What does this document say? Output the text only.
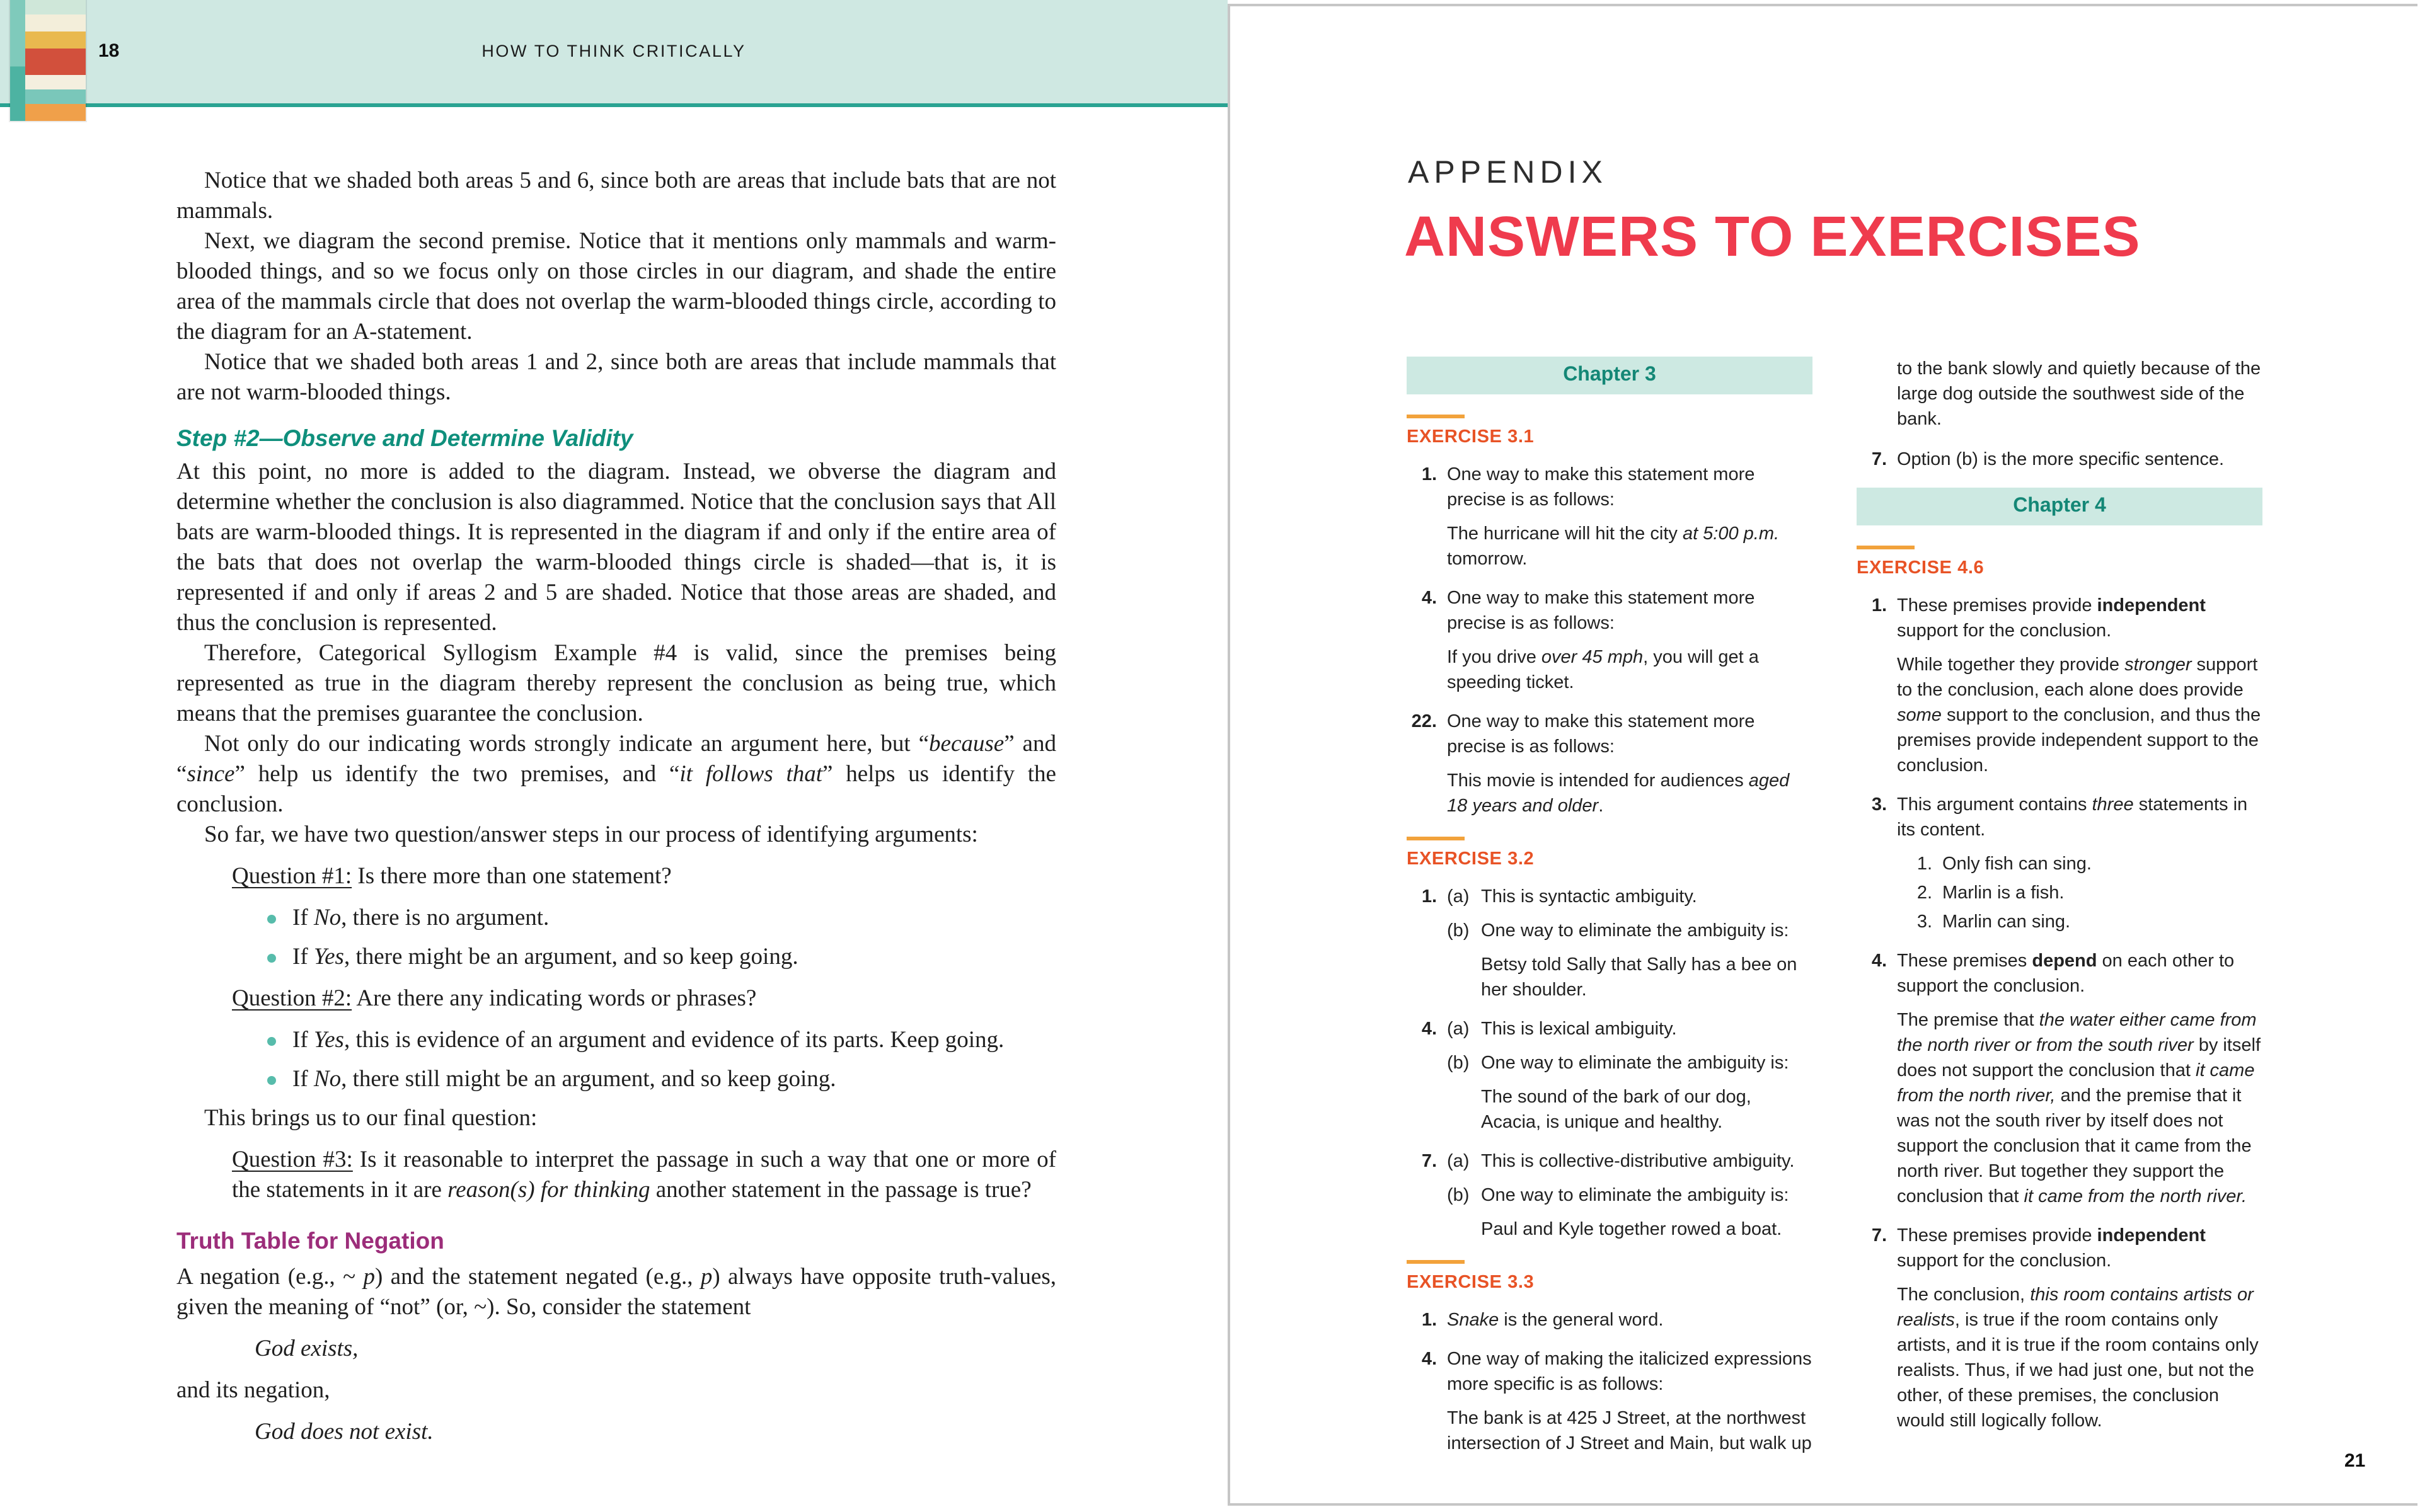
18	HOW TO THINK CRITICALLY

Notice that we shaded both areas 5 and 6, since both are areas that include bats that are not mammals.

Next, we diagram the second premise. Notice that it mentions only mammals and warm-blooded things, and so we focus only on those circles in our diagram, and shade the entire area of the mammals circle that does not overlap the warm-blooded things circle, according to the diagram for an A-statement.

Notice that we shaded both areas 1 and 2, since both are areas that include mammals that are not warm-blooded things.

Step #2—Observe and Determine Validity

At this point, no more is added to the diagram. Instead, we obverse the diagram and determine whether the conclusion is also diagrammed. Notice that the conclusion says that All bats are warm-blooded things. It is represented in the diagram if and only if the entire area of the bats that does not overlap the warm-blooded things circle is shaded—that is, it is represented if and only if areas 2 and 5 are shaded. Notice that those areas are shaded, and thus the conclusion is represented.

Therefore, Categorical Syllogism Example #4 is valid, since the premises being represented as true in the diagram thereby represent the conclusion as being true, which means that the premises guarantee the conclusion.

Not only do our indicating words strongly indicate an argument here, but “because” and “since” help us identify the two premises, and “it follows that” helps us identify the conclusion.

So far, we have two question/answer steps in our process of identifying arguments:

Question #1: Is there more than one statement?

If No, there is no argument.
If Yes, there might be an argument, and so keep going.

Question #2: Are there any indicating words or phrases?

If Yes, this is evidence of an argument and evidence of its parts. Keep going.
If No, there still might be an argument, and so keep going.

This brings us to our final question:

Question #3: Is it reasonable to interpret the passage in such a way that one or more of the statements in it are reason(s) for thinking another statement in the passage is true?

Truth Table for Negation

A negation (e.g., ~ p) and the statement negated (e.g., p) always have opposite truth-values, given the meaning of “not” (or, ~). So, consider the statement

God exists,

and its negation,

God does not exist.

APPENDIX
ANSWERS TO EXERCISES
Chapter 3
EXERCISE 3.1
1. One way to make this statement more precise is as follows:

The hurricane will hit the city at 5:00 p.m. tomorrow.

4. One way to make this statement more precise is as follows:

If you drive over 45 mph, you will get a speeding ticket.

22. One way to make this statement more precise is as follows:

This movie is intended for audiences aged 18 years and older.

EXERCISE 3.2
1. (a)	This is syntactic ambiguity.

(b)	One way to eliminate the ambiguity is:

Betsy told Sally that Sally has a bee on her shoulder.

4. (a)	This is lexical ambiguity.

(b)	One way to eliminate the ambiguity is:

The sound of the bark of our dog, Acacia, is unique and healthy.

7. (a)	This is collective-distributive ambiguity.

(b)	One way to eliminate the ambiguity is:

Paul and Kyle together rowed a boat.

EXERCISE 3.3
1. Snake is the general word.

4. One way of making the italicized expressions more specific is as follows:

The bank is at 425 J Street, at the northwest intersection of J Street and Main, but walk up

to the bank slowly and quietly because of the large dog outside the southwest side of the bank.

7. Option (b) is the more specific sentence.

Chapter 4
EXERCISE 4.6
1. These premises provide independent support for the conclusion.

While together they provide stronger support to the conclusion, each alone does provide some support to the conclusion, and thus the premises provide independent support to the conclusion.

3. This argument contains three statements in its content.

1. Only fish can sing.
2. Marlin is a fish.
3. Marlin can sing.
4. These premises depend on each other to support the conclusion.

The premise that the water either came from the north river or from the south river by itself does not support the conclusion that it came from the north river, and the premise that it was not the south river by itself does not support the conclusion that it came from the north river. But together they support the conclusion that it came from the north river.

7. These premises provide independent support for the conclusion.

The conclusion, this room contains artists or realists, is true if the room contains only artists, and it is true if the room contains only realists. Thus, if we had just one, but not the other, of these premises, the conclusion would still logically follow.

21
